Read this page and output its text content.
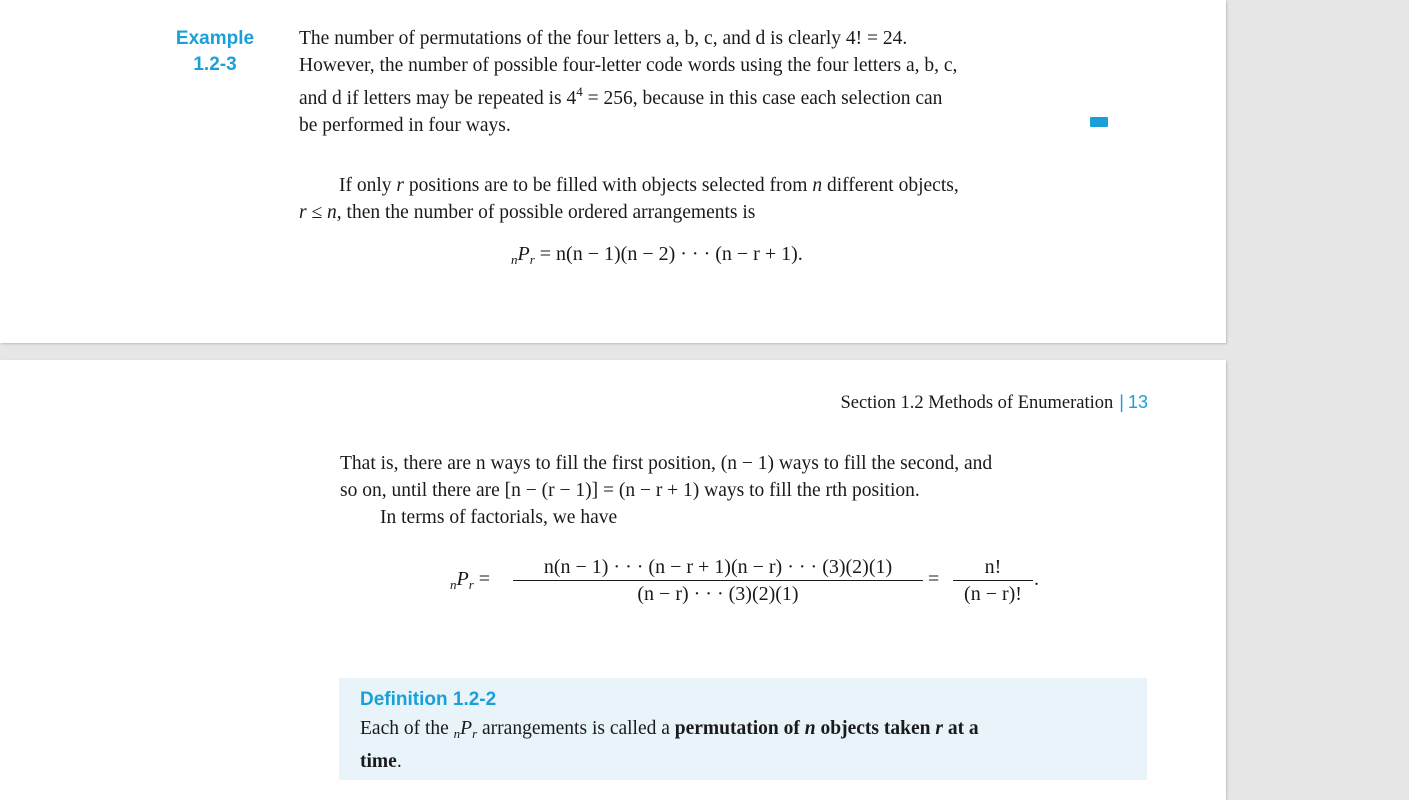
Example
1.2-3
The number of permutations of the four letters a, b, c, and d is clearly 4! = 24.
However, the number of possible four-letter code words using the four letters a, b, c,
and d if letters may be repeated is $4^4 = 256$, because in this case each selection can
be performed in four ways.
If only r positions are to be filled with objects selected from n different objects,
r ≤ n, then the number of possible ordered arrangements is
$_nP_r = n(n - 1)(n - 2)$ · · · (n − r + 1).
Section 1.2 Methods of Enumeration | 13
That is, there are n ways to fill the first position, (n − 1) ways to fill the second, and
so on, until there are [n − (r − 1)] = (n − r + 1) ways to fill the rth position.
In terms of factorials, we have
$_nP_r = \frac{n(n - 1) \cdot \cdot \cdot (n - r + 1)(n - r) \cdot \cdot \cdot (3)(2)(1)}{(n - r) \cdot \cdot \cdot (3)(2)(1)} = \frac{n!}{(n - r)!}$ .
Definition 1.2-2
Each of the $_nP_r$ arrangements is called a permutation of n objects taken r at a
time.
